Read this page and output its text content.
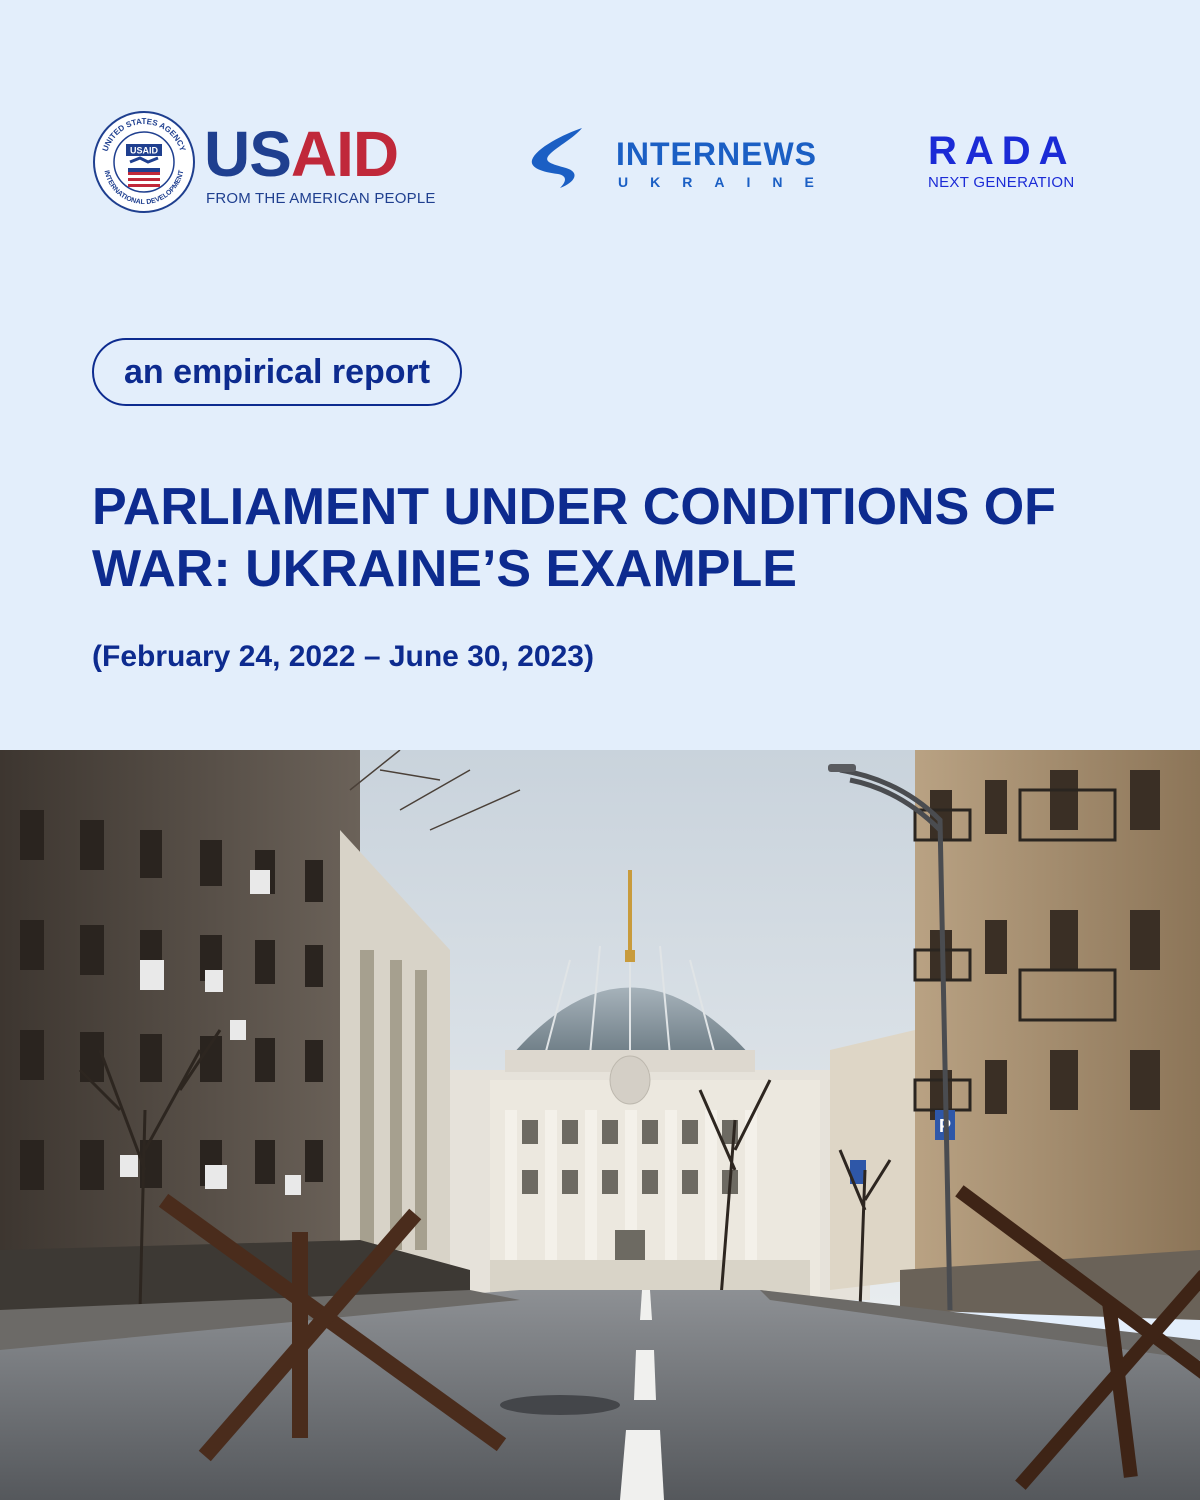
UNITED STATES AGENCY
INTERNATIONAL DEVELOPMENT
USAID USAID
FROM THE AMERICAN PEOPLE
INTERNEWS
UKRAINE
RADA
NEXT GENERATION
an empirical report
PARLIAMENT UNDER CONDITIONS OF WAR: UKRAINE’S EXAMPLE
(February 24, 2022 – June 30, 2023)
P
